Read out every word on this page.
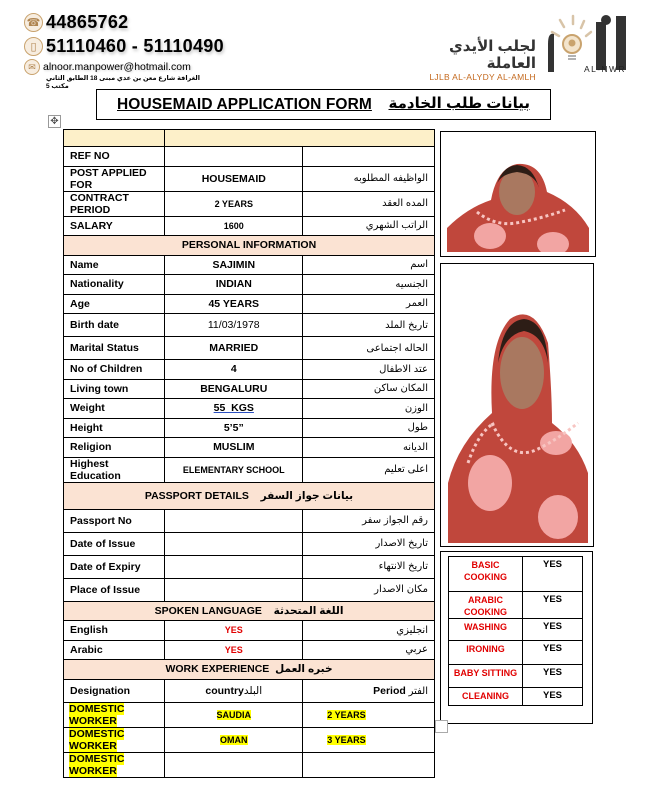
☎ 44865762
▯ 51110460 - 51110490
✉ alnoor.manpower@hotmail.com
الغرافة شارع معن بن عدي مبنى 18 الطابق الثاني مكتب 5
لجلب الأيدي العاملة
LJLB AL-ALYDY AL-AMLH
AL-NWR
HOUSEMAID APPLICATION FORM بيانات طلب الخادمة
✥

REF NO		
POST APPLIED FOR	HOUSEMAID	الواظيفه المطلوبه
CONTRACT PERIOD	2 YEARS	المده العقد
SALARY	1600	الراتب الشهري
PERSONAL INFORMATION		
Name	SAJIMIN	اسم
Nationality	INDIAN	الجنسيه
Age	45 YEARS	العمر
Birth date	11/03/1978	تاريخ الملد
Marital Status	MARRIED	الحاله اجتماعى
No of Children	4	عتد الاطفال
Living town	BENGALURU	المكان ساكن
Weight	55  KGS	الوزن
Height	5’5”	طول
Religion	MUSLIM	الديانه
Highest Education	ELEMENTARY SCHOOL	اعلى تعليم
PASSPORT DETAILS بيانات جواز السفر		
Passport No		رقم الجواز سفر
Date of Issue		تاريخ الاصدار
Date of Expiry		تاريخ الانتهاء
Place of Issue		مكان الاصدار
SPOKEN LANGUAGE اللغة المتحدثة		
English	YES	انجليزي
Arabic	YES	عربي
WORK EXPERIENCE خبره العمل		
Designation	countryالبلد	الفتر Period
DOMESTIC WORKER	SAUDIA	2 YEARS
DOMESTIC WORKER	OMAN	3 YEARS
DOMESTIC WORKER		
BASIC COOKING	YES
ARABIC COOKING	YES
WASHING	YES
IRONING	YES
BABY SITTING	YES
CLEANING	YES
